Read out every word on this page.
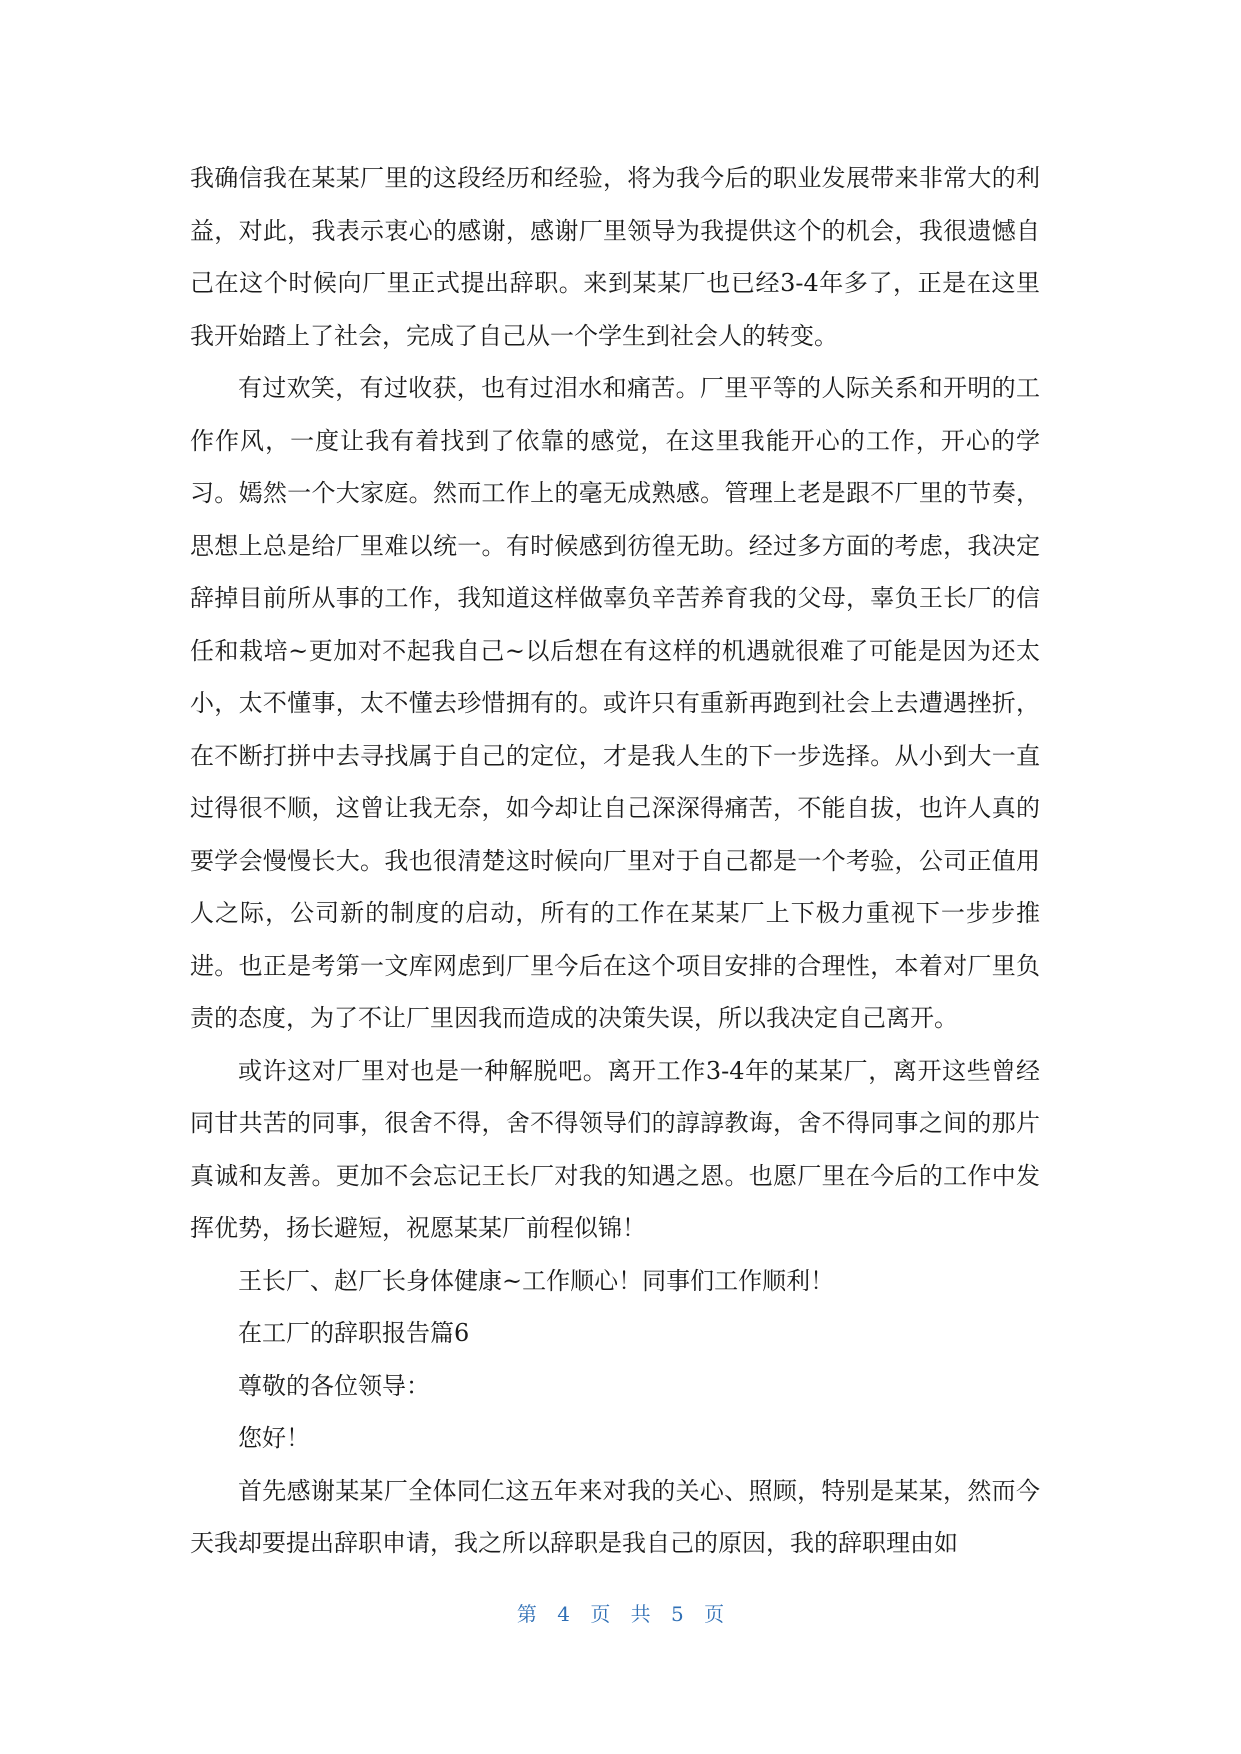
我确信我在某某厂里的这段经历和经验，将为我今后的职业发展带来非常大的利益，对此，我表示衷心的感谢，感谢厂里领导为我提供这个的机会，我很遗憾自己在这个时候向厂里正式提出辞职。来到某某厂也已经3-4年多了，正是在这里我开始踏上了社会，完成了自己从一个学生到社会人的转变。

有过欢笑，有过收获，也有过泪水和痛苦。厂里平等的人际关系和开明的工作作风，一度让我有着找到了依靠的感觉，在这里我能开心的工作，开心的学习。嫣然一个大家庭。然而工作上的毫无成熟感。管理上老是跟不厂里的节奏，思想上总是给厂里难以统一。有时候感到彷徨无助。经过多方面的考虑，我决定辞掉目前所从事的工作，我知道这样做辜负辛苦养育我的父母，辜负王长厂的信任和栽培~更加对不起我自己~以后想在有这样的机遇就很难了可能是因为还太小，太不懂事，太不懂去珍惜拥有的。或许只有重新再跑到社会上去遭遇挫折，在不断打拼中去寻找属于自己的定位，才是我人生的下一步选择。从小到大一直过得很不顺，这曾让我无奈，如今却让自己深深得痛苦，不能自拔，也许人真的要学会慢慢长大。我也很清楚这时候向厂里对于自己都是一个考验，公司正值用人之际，公司新的制度的启动，所有的工作在某某厂上下极力重视下一步步推进。也正是考第一文库网虑到厂里今后在这个项目安排的合理性，本着对厂里负责的态度，为了不让厂里因我而造成的决策失误，所以我决定自己离开。

或许这对厂里对也是一种解脱吧。离开工作3-4年的某某厂，离开这些曾经同甘共苦的同事，很舍不得，舍不得领导们的諄諄教诲，舍不得同事之间的那片真诚和友善。更加不会忘记王长厂对我的知遇之恩。也愿厂里在今后的工作中发挥优势，扬长避短，祝愿某某厂前程似锦！

王长厂、赵厂长身体健康~工作顺心！同事们工作顺利！

在工厂的辞职报告篇6

尊敬的各位领导：

您好！

首先感谢某某厂全体同仁这五年来对我的关心、照顾，特别是某某，然而今天我却要提出辞职申请，我之所以辞职是我自己的原因，我的辞职理由如

第 4 页 共 5 页
